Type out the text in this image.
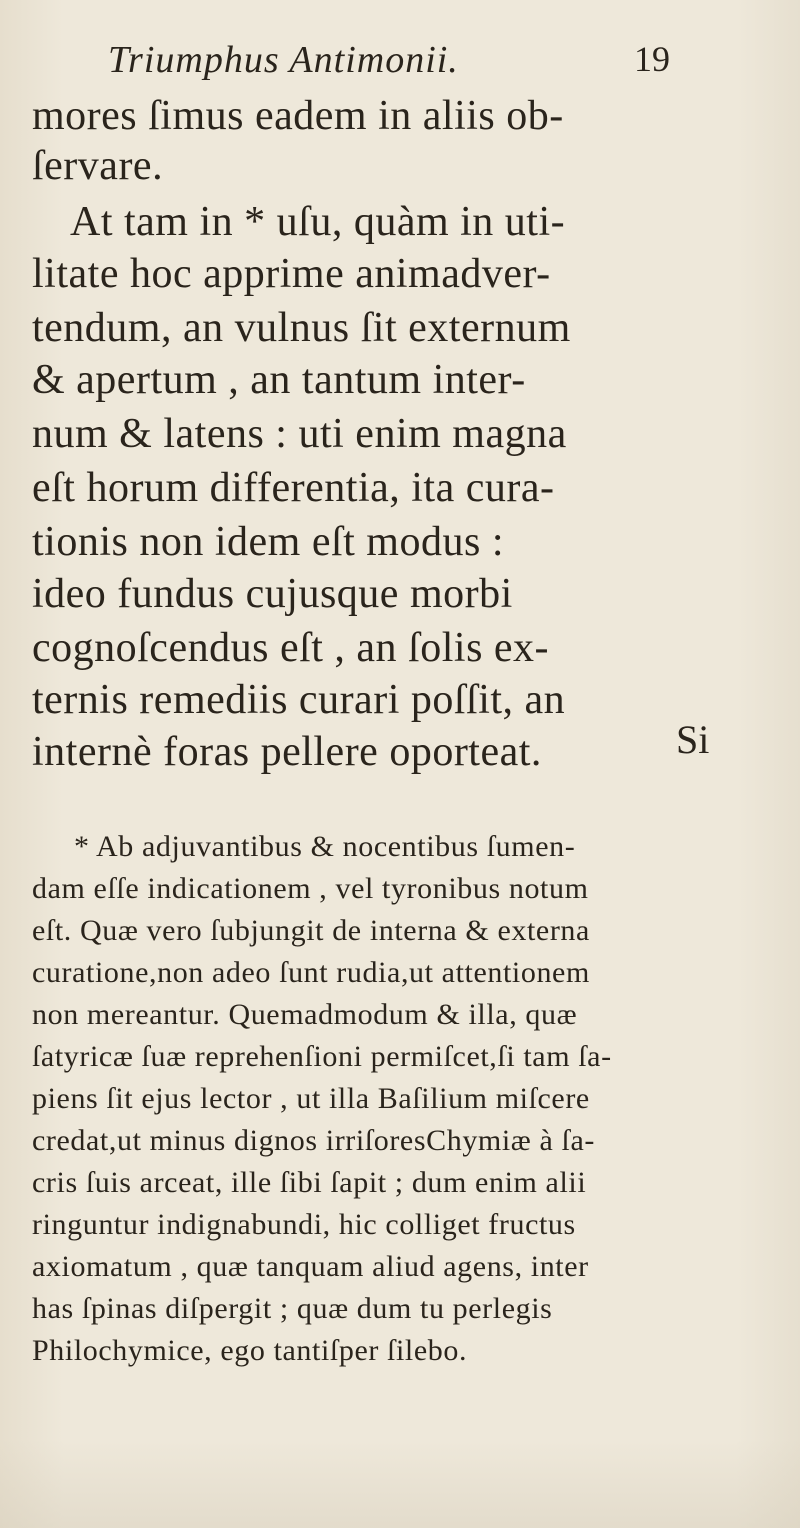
Triumphus Antimonii.	19
mores ſimus eadem in aliis ob-
ſervare.
At tam in * uſu, quàm in uti-
litate hoc apprime animadver-
tendum, an vulnus ſit externum
& apertum , an tantum inter-
num & latens : uti enim magna
eſt horum differentia, ita cura-
tionis non idem eſt modus :
ideo fundus cujusque morbi
cognoſcendus eſt , an ſolis ex-
ternis remediis curari poſſit, an
internè foras pellere oporteat.	Si
* Ab adjuvantibus & nocentibus ſumen-
dam eſſe indicationem , vel tyronibus notum
eſt. Quæ vero ſubjungit de interna & externa
curatione,non adeo ſunt rudia,ut attentionem
non mereantur. Quemadmodum & illa, quæ
ſatyricæ ſuæ reprehenſioni permiſcet,ſi tam ſa-
piens ſit ejus lector , ut illa Baſilium miſcere
credat,ut minus dignos irriſoresChymiæ à ſa-
cris ſuis arceat, ille ſibi ſapit ; dum enim alii
ringuntur indignabundi, hic colliget fructus
axiomatum , quæ tanquam aliud agens, inter
has ſpinas diſpergit ; quæ dum tu perlegis
Philochymice, ego tantiſper ſilebo.
